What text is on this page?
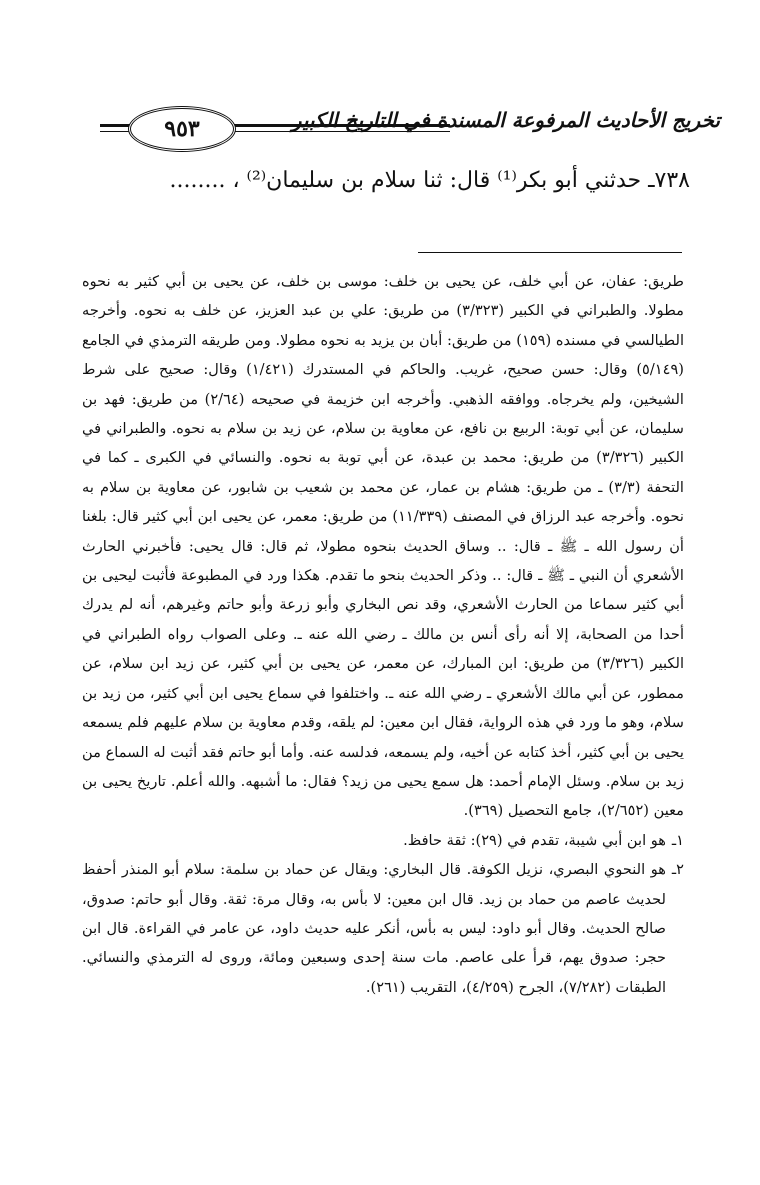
٩٥٣	تخريج الأحاديث المرفوعة المسندة في التاريخ الكبير
٧٣٨ـ حدثني أبو بكر⁽¹⁾ قال: ثنا سلام بن سليمان⁽²⁾ ، ........

طريق: عفان، عن أبي خلف، عن يحيى بن خلف: موسى بن خلف، عن يحيى بن أبي كثير به نحوه مطولا. والطبراني في الكبير (٣/٣٢٣) من طريق: علي بن عبد العزيز، عن خلف به نحوه. وأخرجه الطيالسي في مسنده (١٥٩) من طريق: أبان بن يزيد به نحوه مطولا. ومن طريقه الترمذي في الجامع (٥/١٤٩) وقال: حسن صحيح، غريب. والحاكم في المستدرك (١/٤٢١) وقال: صحيح على شرط الشيخين، ولم يخرجاه. ووافقه الذهبي. وأخرجه ابن خزيمة في صحيحه (٢/٦٤) من طريق: فهد بن سليمان، عن أبي توبة: الربيع بن نافع، عن معاوية بن سلام، عن زيد بن سلام به نحوه. والطبراني في الكبير (٣/٣٢٦) من طريق: محمد بن عبدة، عن أبي توبة به نحوه. والنسائي في الكبرى ـ كما في التحفة (٣/٣) ـ من طريق: هشام بن عمار، عن محمد بن شعيب بن شابور، عن معاوية بن سلام به نحوه. وأخرجه عبد الرزاق في المصنف (١١/٣٣٩) من طريق: معمر، عن يحيى ابن أبي كثير قال: بلغنا أن رسول الله ـ ﷺ ـ قال: .. وساق الحديث بنحوه مطولا، ثم قال: قال يحيى: فأخبرني الحارث الأشعري أن النبي ـ ﷺ ـ قال: .. وذكر الحديث بنحو ما تقدم. هكذا ورد في المطبوعة فأثبت ليحيى بن أبي كثير سماعا من الحارث الأشعري، وقد نص البخاري وأبو زرعة وأبو حاتم وغيرهم، أنه لم يدرك أحدا من الصحابة، إلا أنه رأى أنس بن مالك ـ رضي الله عنه ـ. وعلى الصواب رواه الطبراني في الكبير (٣/٣٢٦) من طريق: ابن المبارك، عن معمر، عن يحيى بن أبي كثير، عن زيد ابن سلام، عن ممطور، عن أبي مالك الأشعري ـ رضي الله عنه ـ. واختلفوا في سماع يحيى ابن أبي كثير، من زيد بن سلام، وهو ما ورد في هذه الرواية، فقال ابن معين: لم يلقه، وقدم معاوية بن سلام عليهم فلم يسمعه يحيى بن أبي كثير، أخذ كتابه عن أخيه، ولم يسمعه، فدلسه عنه. وأما أبو حاتم فقد أثبت له السماع من زيد بن سلام. وسئل الإمام أحمد: هل سمع يحيى من زيد؟ فقال: ما أشبهه. والله أعلم. تاريخ يحيى بن معين (٢/٦٥٢)، جامع التحصيل (٣٦٩).

١ـ
هو ابن أبي شيبة، تقدم في (٢٩): ثقة حافظ.
٢ـ
هو النحوي البصري، نزيل الكوفة. قال البخاري: ويقال عن حماد بن سلمة: سلام أبو المنذر أحفظ لحديث عاصم من حماد بن زيد. قال ابن معين: لا بأس به، وقال مرة: ثقة. وقال أبو حاتم: صدوق، صالح الحديث. وقال أبو داود: ليس به بأس، أنكر عليه حديث داود، عن عامر في القراءة. قال ابن حجر: صدوق يهم، قرأ على عاصم. مات سنة إحدى وسبعين ومائة، وروى له الترمذي والنسائي. الطبقات (٧/٢٨٢)، الجرح (٤/٢٥٩)، التقريب (٢٦١).
